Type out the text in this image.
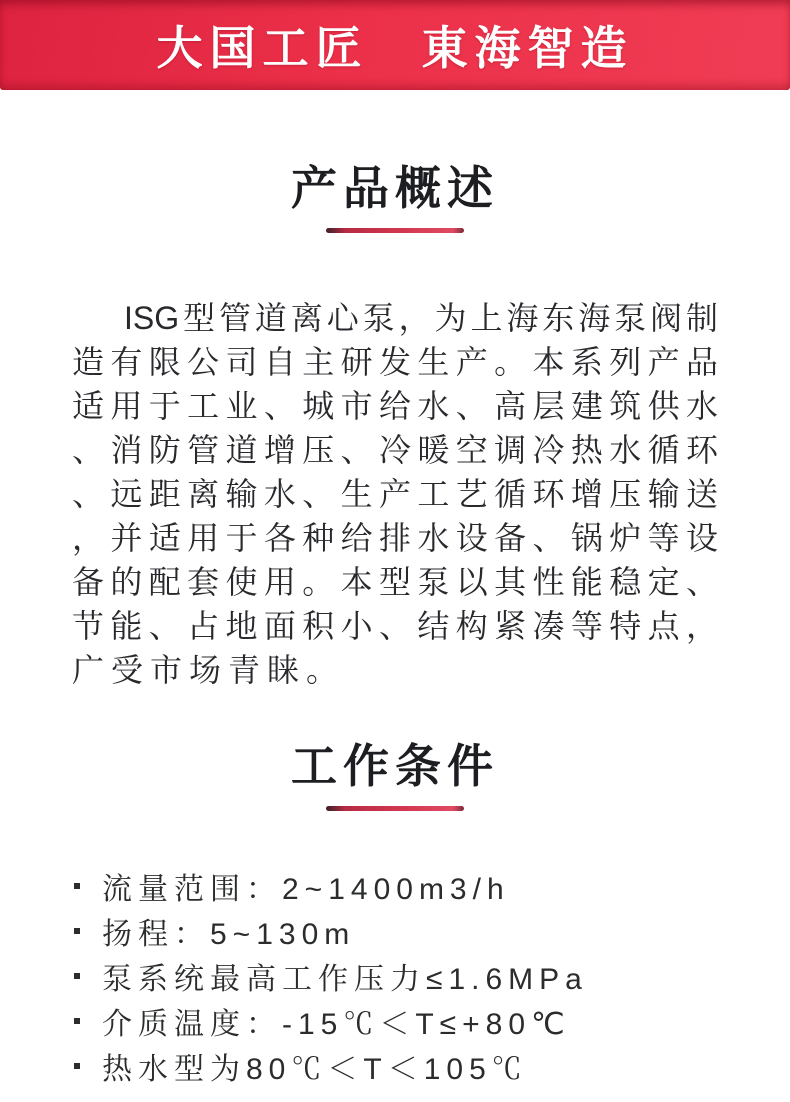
大国工匠　東海智造
产品概述
ISG型管道离心泵，为上海东海泵阀制
造有限公司自主研发生产。本系列产品
适用于工业、城市给水、高层建筑供水
、消防管道增压、冷暖空调冷热水循环
、远距离输水、生产工艺循环增压输送
，并适用于各种给排水设备、锅炉等设
备的配套使用。本型泵以其性能稳定、
节能、占地面积小、结构紧凑等特点，
广受市场青睐。
工作条件
流量范围：2~1400m3/h
扬程：5~130m
泵系统最高工作压力≤1.6MPa
介质温度：-15℃＜T≤+80℃
热水型为80℃＜T＜105℃
